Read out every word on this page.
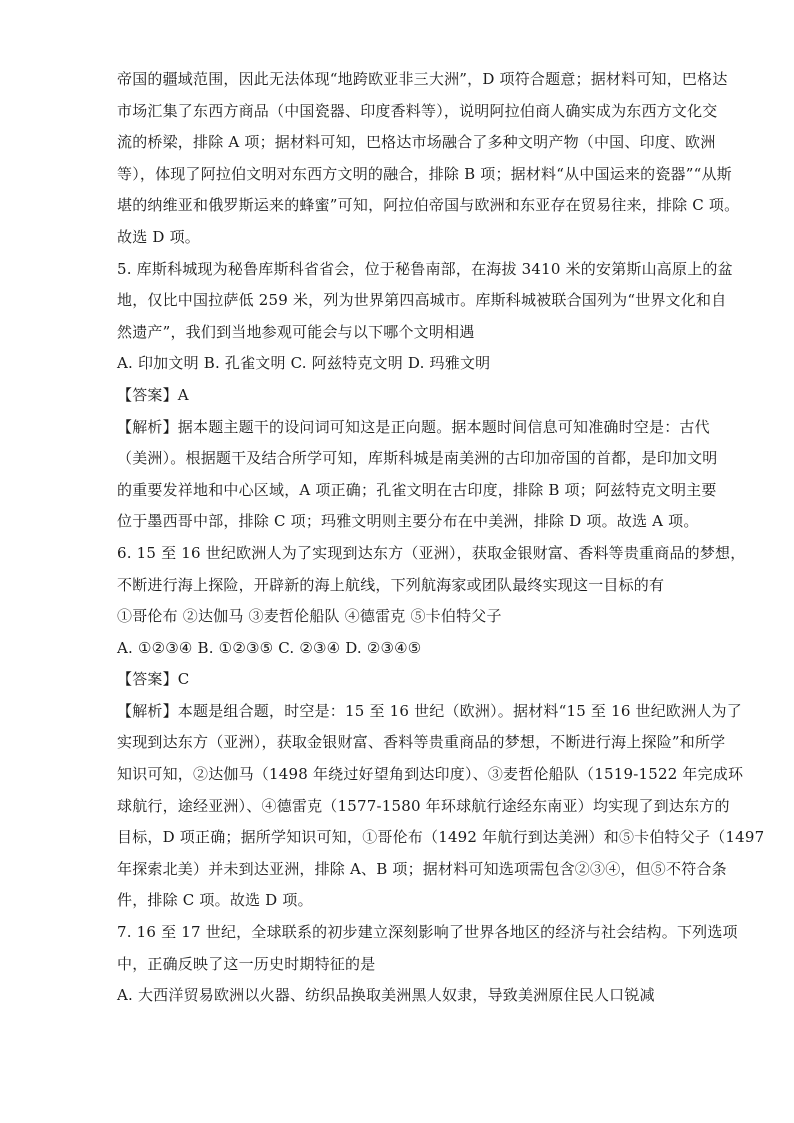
帝国的疆域范围，因此无法体现“地跨欧亚非三大洲”，D 项符合题意；据材料可知，巴格达
市场汇集了东西方商品（中国瓷器、印度香料等），说明阿拉伯商人确实成为东西方文化交
流的桥梁，排除 A 项；据材料可知，巴格达市场融合了多种文明产物（中国、印度、欧洲
等），体现了阿拉伯文明对东西方文明的融合，排除 B 项；据材料“从中国运来的瓷器”“从斯
堪的纳维亚和俄罗斯运来的蜂蜜”可知，阿拉伯帝国与欧洲和东亚存在贸易往来，排除 C 项。
故选 D 项。
5. 库斯科城现为秘鲁库斯科省省会，位于秘鲁南部，在海拔 3410 米的安第斯山高原上的盆
地，仅比中国拉萨低 259 米，列为世界第四高城市。库斯科城被联合国列为“世界文化和自
然遗产”，我们到当地参观可能会与以下哪个文明相遇
A. 印加文明 B. 孔雀文明 C. 阿兹特克文明 D. 玛雅文明
【答案】A
【解析】据本题主题干的设问词可知这是正向题。据本题时间信息可知准确时空是：古代
（美洲）。根据题干及结合所学可知，库斯科城是南美洲的古印加帝国的首都，是印加文明
的重要发祥地和中心区域，A 项正确；孔雀文明在古印度，排除 B 项；阿兹特克文明主要
位于墨西哥中部，排除 C 项；玛雅文明则主要分布在中美洲，排除 D 项。故选 A 项。
6. 15 至 16 世纪欧洲人为了实现到达东方（亚洲），获取金银财富、香料等贵重商品的梦想，
不断进行海上探险，开辟新的海上航线，下列航海家或团队最终实现这一目标的有
①哥伦布 ②达伽马 ③麦哲伦船队 ④德雷克 ⑤卡伯特父子
A. ①②③④ B. ①②③⑤ C. ②③④ D. ②③④⑤
【答案】C
【解析】本题是组合题，时空是：15 至 16 世纪（欧洲）。据材料“15 至 16 世纪欧洲人为了
实现到达东方（亚洲），获取金银财富、香料等贵重商品的梦想，不断进行海上探险”和所学
知识可知，②达伽马（1498 年绕过好望角到达印度）、③麦哲伦船队（1519-1522 年完成环
球航行，途经亚洲）、④德雷克（1577-1580 年环球航行途经东南亚）均实现了到达东方的
目标，D 项正确；据所学知识可知，①哥伦布（1492 年航行到达美洲）和⑤卡伯特父子（1497
年探索北美）并未到达亚洲，排除 A、B 项；据材料可知选项需包含②③④，但⑤不符合条
件，排除 C 项。故选 D 项。
7. 16 至 17 世纪，全球联系的初步建立深刻影响了世界各地区的经济与社会结构。下列选项
中，正确反映了这一历史时期特征的是
A. 大西洋贸易欧洲以火器、纺织品换取美洲黑人奴隶，导致美洲原住民人口锐减
